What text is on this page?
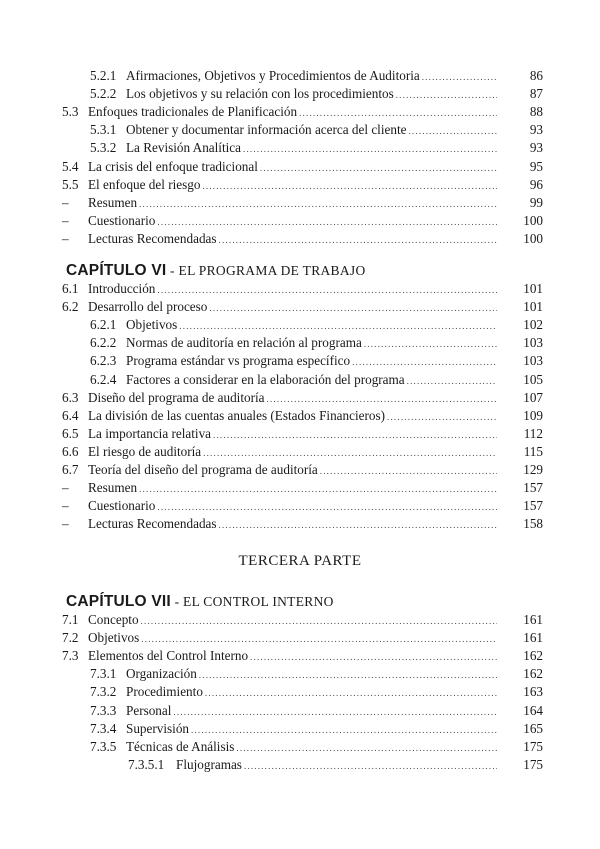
5.2.1 Afirmaciones, Objetivos y Procedimientos de Auditoria .....	86
5.2.2 Los objetivos y su relación con los procedimientos .....	87
5.3 Enfoques tradicionales de Planificación .....	88
5.3.1 Obtener y documentar información acerca del cliente .....	93
5.3.2 La Revisión Analítica .....	93
5.4 La crisis del enfoque tradicional .....	95
5.5 El enfoque del riesgo .....	96
– Resumen .....	99
– Cuestionario .....	100
– Lecturas Recomendadas .....	100
CAPÍTULO VI - EL PROGRAMA DE TRABAJO
6.1 Introducción .....	101
6.2 Desarrollo del proceso .....	101
6.2.1 Objetivos .....	102
6.2.2 Normas de auditoría en relación al programa .....	103
6.2.3 Programa estándar vs programa específico .....	103
6.2.4 Factores a considerar en la elaboración del programa .....	105
6.3 Diseño del programa de auditoría .....	107
6.4 La división de las cuentas anuales (Estados Financieros) .....	109
6.5 La importancia relativa .....	112
6.6 El riesgo de auditoría .....	115
6.7 Teoría del diseño del programa de auditoría .....	129
– Resumen .....	157
– Cuestionario .....	157
– Lecturas Recomendadas .....	158
TERCERA PARTE
CAPÍTULO VII - EL CONTROL INTERNO
7.1 Concepto .....	161
7.2 Objetivos .....	161
7.3 Elementos del Control Interno .....	162
7.3.1 Organización .....	162
7.3.2 Procedimiento .....	163
7.3.3 Personal .....	164
7.3.4 Supervisión .....	165
7.3.5 Técnicas de Análisis .....	175
7.3.5.1 Flujogramas .....	175
